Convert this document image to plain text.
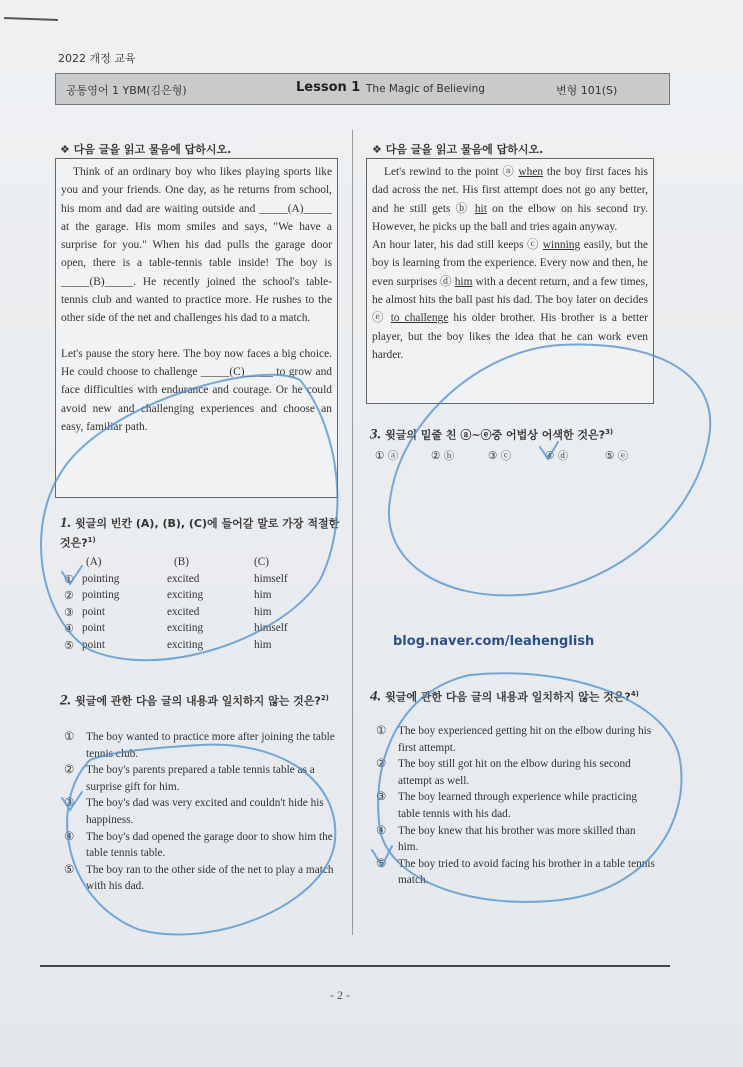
2022 개정 교육
공통영어 1 YBM(김은형)	Lesson 1 The Magic of Believing	변형 101(S)
❖ 다음 글을 읽고 물음에 답하시오.

Think of an ordinary boy who likes playing sports like you and your friends. One day, as he returns from school, his mom and dad are waiting outside and _____(A)_____ at the garage. His mom smiles and says, "We have a surprise for you." When his dad pulls the garage door open, there is a table-tennis table inside! The boy is _____(B)_____. He recently joined the school's table-tennis club and wanted to practice more. He rushes to the other side of the net and challenges his dad to a match.

Let's pause the story here. The boy now faces a big choice. He could choose to challenge _____(C)_____ to grow and face difficulties with endurance and courage. Or he could avoid new and challenging experiences and choose an easy, familiar path.

1. 윗글의 빈칸 (A), (B), (C)에 들어갈 말로 가장 적절한 것은?$^{1)}$
(A)	(B)	(C)
① pointing	excited	himself
② pointing	exciting	him
③ point	excited	him
④ point	exciting	himself
⑤ point	exciting	him
2. 윗글에 관한 다음 글의 내용과 일치하지 않는 것은?$^{2)}$
① The boy wanted to practice more after joining the table tennis club.
② The boy's parents prepared a table tennis table as a surprise gift for him.
③ The boy's dad was very excited and couldn't hide his happiness.
④ The boy's dad opened the garage door to show him the table tennis table.
⑤ The boy ran to the other side of the net to play a match with his dad.
❖ 다음 글을 읽고 물음에 답하시오.

Let's rewind to the point ⓐ when the boy first faces his dad across the net. His first attempt does not go any better, and he still gets ⓑ hit on the elbow on his second try. However, he picks up the ball and tries again anyway.
An hour later, his dad still keeps ⓒ winning easily, but the boy is learning from the experience. Every now and then, he even surprises ⓓ him with a decent return, and a few times, he almost hits the ball past his dad. The boy later on decides ⓔ to challenge his older brother. His brother is a better player, but the boy likes the idea that he can work even harder.

3. 윗글의 밑줄 친 ⓐ~ⓔ중 어법상 어색한 것은?$^{3)}$
① ⓐ	② ⓑ	③ ⓒ	④ ⓓ	⑤ ⓔ
blog.naver.com/leahenglish
4. 윗글에 관한 다음 글의 내용과 일치하지 않는 것은?$^{4)}$
① The boy experienced getting hit on the elbow during his first attempt.
② The boy still got hit on the elbow during his second attempt as well.
③ The boy learned through experience while practicing table tennis with his dad.
④ The boy knew that his brother was more skilled than him.
⑤ The boy tried to avoid facing his brother in a table tennis match.
- 2 -
